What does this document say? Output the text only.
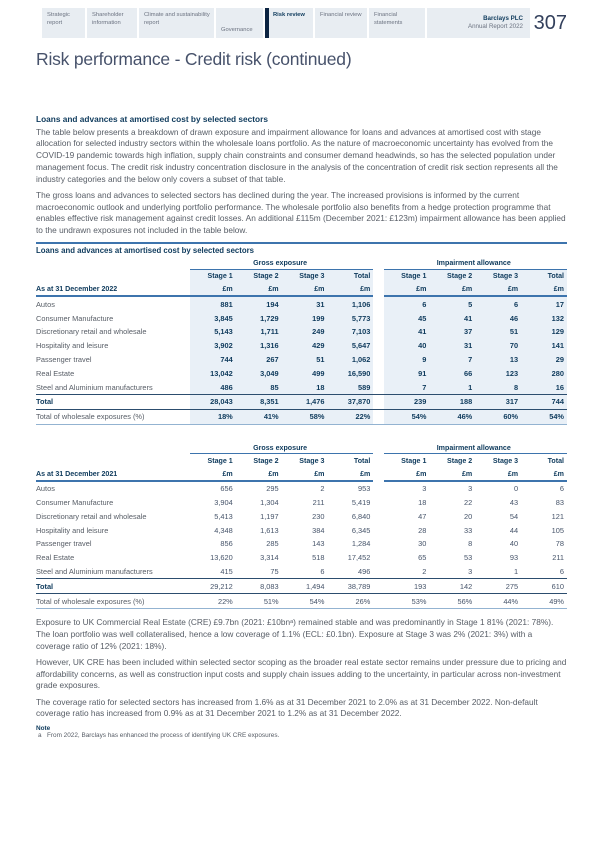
Strategic report
Shareholder information
Climate and sustainability report
Governance
Risk review	Financial review Financial statements
Barclays PLC
Annual Report 2022 307
Risk performance - Credit risk (continued)
Loans and advances at amortised cost by selected sectors

The table below presents a breakdown of drawn exposure and impairment allowance for loans and advances at amortised cost with stage allocation for selected industry sectors within the wholesale loans portfolio. As the nature of macroeconomic uncertainty has evolved from the COVID-19 pandemic towards high inflation, supply chain constraints and consumer demand headwinds, so has the selected population under management focus. The credit risk industry concentration disclosure in the analysis of the concentration of credit risk section represents all the industry categories and the below only covers a subset of that table.

The gross loans and advances to selected sectors has declined during the year. The increased provisions is informed by the current macroeconomic outlook and underlying portfolio performance. The wholesale portfolio also benefits from a hedge protection programme that enables effective risk management against credit losses. An additional £115m (December 2021: £123m) impairment allowance has been applied to the undrawn exposures not included in the table below.

Loans and advances at amortised cost by selected sectors
	Gross exposure					Impairment allowance			
	Stage 1	Stage 2	Stage 3	Total		Stage 1	Stage 2	Stage 3	Total
As at 31 December 2022	£m	£m	£m	£m		£m	£m	£m	£m
Autos	881	194	31	1,106		6	5	6	17
Consumer Manufacture	3,845	1,729	199	5,773		45	41	46	132
Discretionary retail and wholesale	5,143	1,711	249	7,103		41	37	51	129
Hospitality and leisure	3,902	1,316	429	5,647		40	31	70	141
Passenger travel	744	267	51	1,062		9	7	13	29
Real Estate	13,042	3,049	499	16,590		91	66	123	280
Steel and Aluminium manufacturers	486	85	18	589		7	1	8	16
Total	28,043	8,351	1,476	37,870		239	188	317	744
Total of wholesale exposures (%)	18%	41%	58%	22%		54%	46%	60%	54%
	Gross exposure					Impairment allowance			
	Stage 1	Stage 2	Stage 3	Total		Stage 1	Stage 2	Stage 3	Total
As at 31 December 2021	£m	£m	£m	£m		£m	£m	£m	£m
Autos	656	295	2	953		3	3	0	6
Consumer Manufacture	3,904	1,304	211	5,419		18	22	43	83
Discretionary retail and wholesale	5,413	1,197	230	6,840		47	20	54	121
Hospitality and leisure	4,348	1,613	384	6,345		28	33	44	105
Passenger travel	856	285	143	1,284		30	8	40	78
Real Estate	13,620	3,314	518	17,452		65	53	93	211
Steel and Aluminium manufacturers	415	75	6	496		2	3	1	6
Total	29,212	8,083	1,494	38,789		193	142	275	610
Total of wholesale exposures (%)	22%	51%	54%	26%		53%	56%	44%	49%

Exposure to UK Commercial Real Estate (CRE) £9.7bn (2021: £10bnᵃ) remained stable and was predominantly in Stage 1 81% (2021: 78%). The loan portfolio was well collateralised, hence a low coverage of 1.1% (ECL: £0.1bn). Exposure at Stage 3 was 2% (2021: 3%) with a coverage ratio of 12% (2021: 18%).

However, UK CRE has been included within selected sector scoping as the broader real estate sector remains under pressure due to pricing and affordability concerns, as well as construction input costs and supply chain issues adding to the uncertainty, in particular across non-investment grade exposures.

The coverage ratio for selected sectors has increased from 1.6% as at 31 December 2021 to 2.0% as at 31 December 2022. Non-default coverage ratio has increased from 0.9% as at 31 December 2021 to 1.2% as at 31 December 2022.

Note
a From 2022, Barclays has enhanced the process of identifying UK CRE exposures.
